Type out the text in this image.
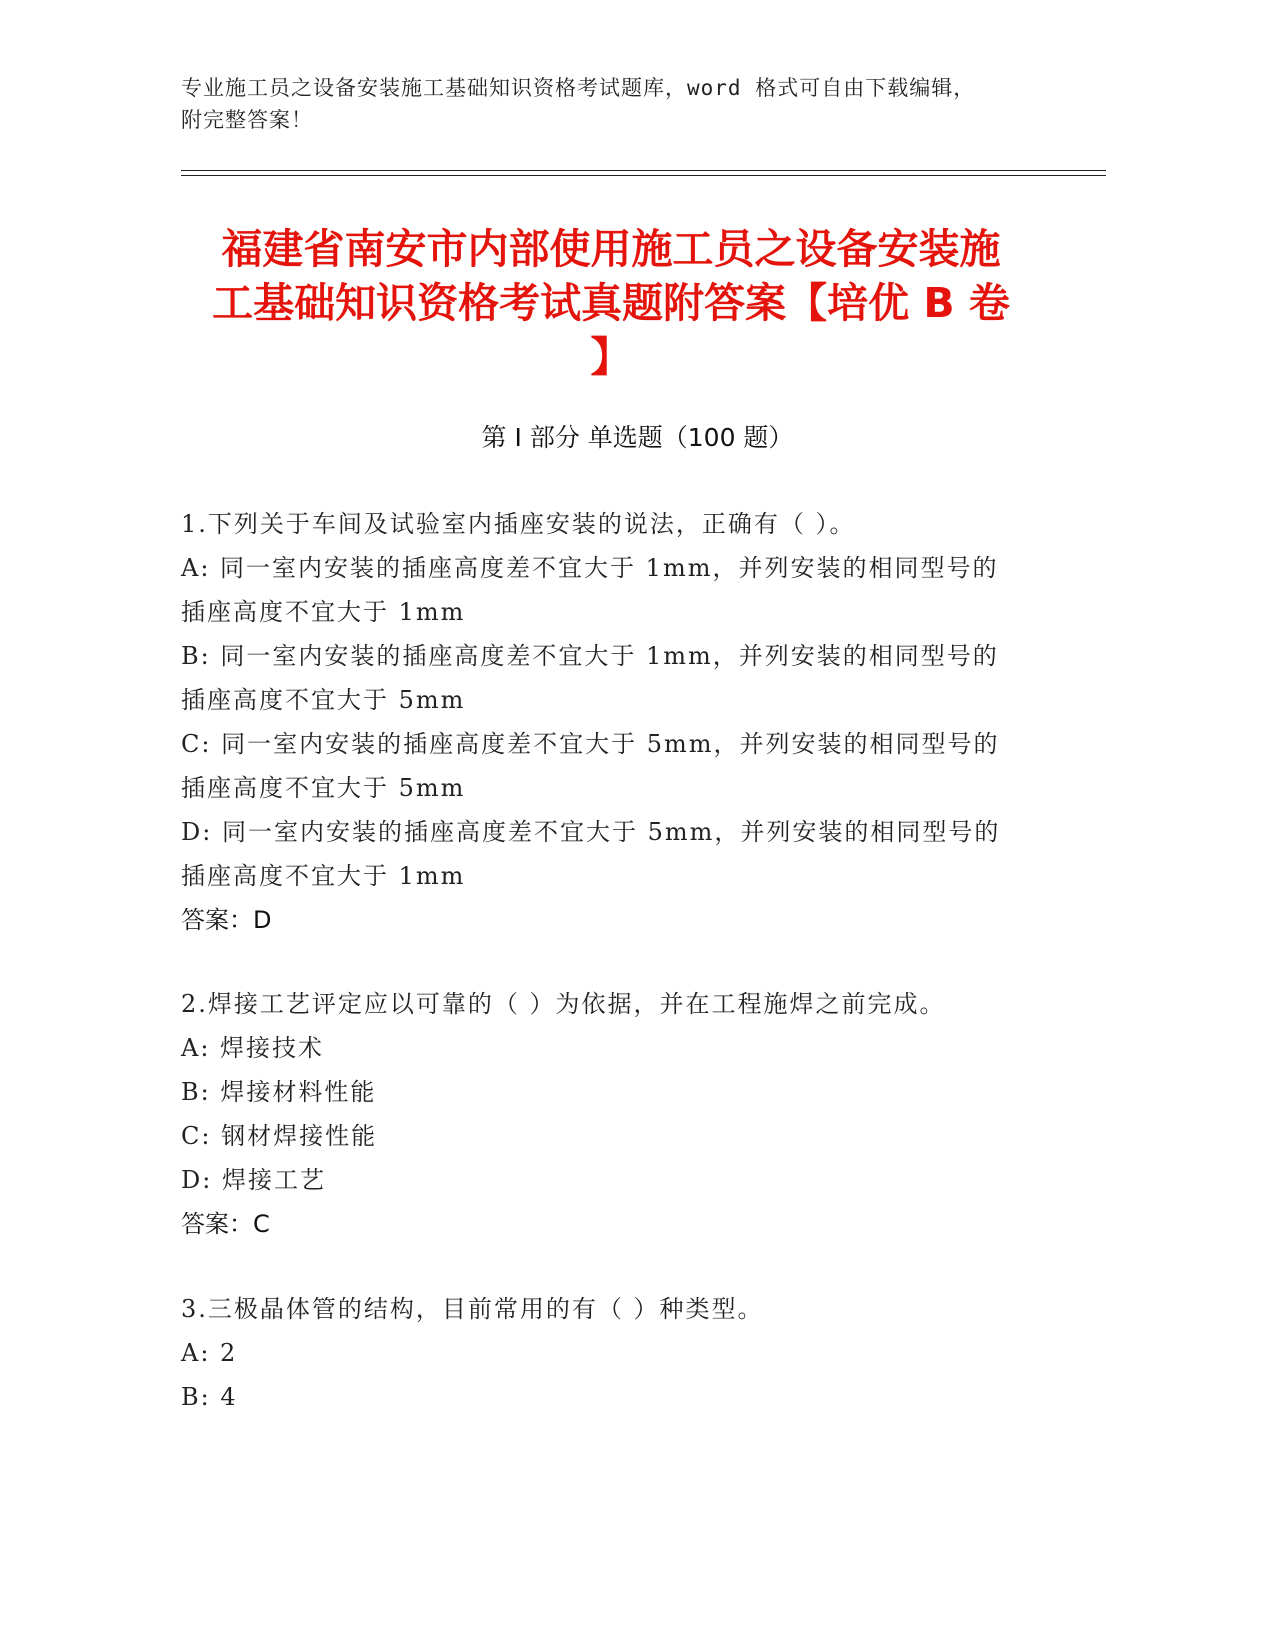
专业施工员之设备安装施工基础知识资格考试题库，word 格式可自由下载编辑，
附完整答案！
福建省南安市内部使用施工员之设备安装施
工基础知识资格考试真题附答案【培优 B 卷
】
第 I 部分 单选题（100 题）
1.下列关于车间及试验室内插座安装的说法，正确有（ ）。
A: 同一室内安装的插座高度差不宜大于 1mm，并列安装的相同型号的
插座高度不宜大于 1mm
B: 同一室内安装的插座高度差不宜大于 1mm，并列安装的相同型号的
插座高度不宜大于 5mm
C: 同一室内安装的插座高度差不宜大于 5mm，并列安装的相同型号的
插座高度不宜大于 5mm
D: 同一室内安装的插座高度差不宜大于 5mm，并列安装的相同型号的
插座高度不宜大于 1mm
答案：D
2.焊接工艺评定应以可靠的（ ）为依据，并在工程施焊之前完成。
A: 焊接技术
B: 焊接材料性能
C: 钢材焊接性能
D: 焊接工艺
答案：C
3.三极晶体管的结构，目前常用的有（ ）种类型。
A: 2
B: 4
